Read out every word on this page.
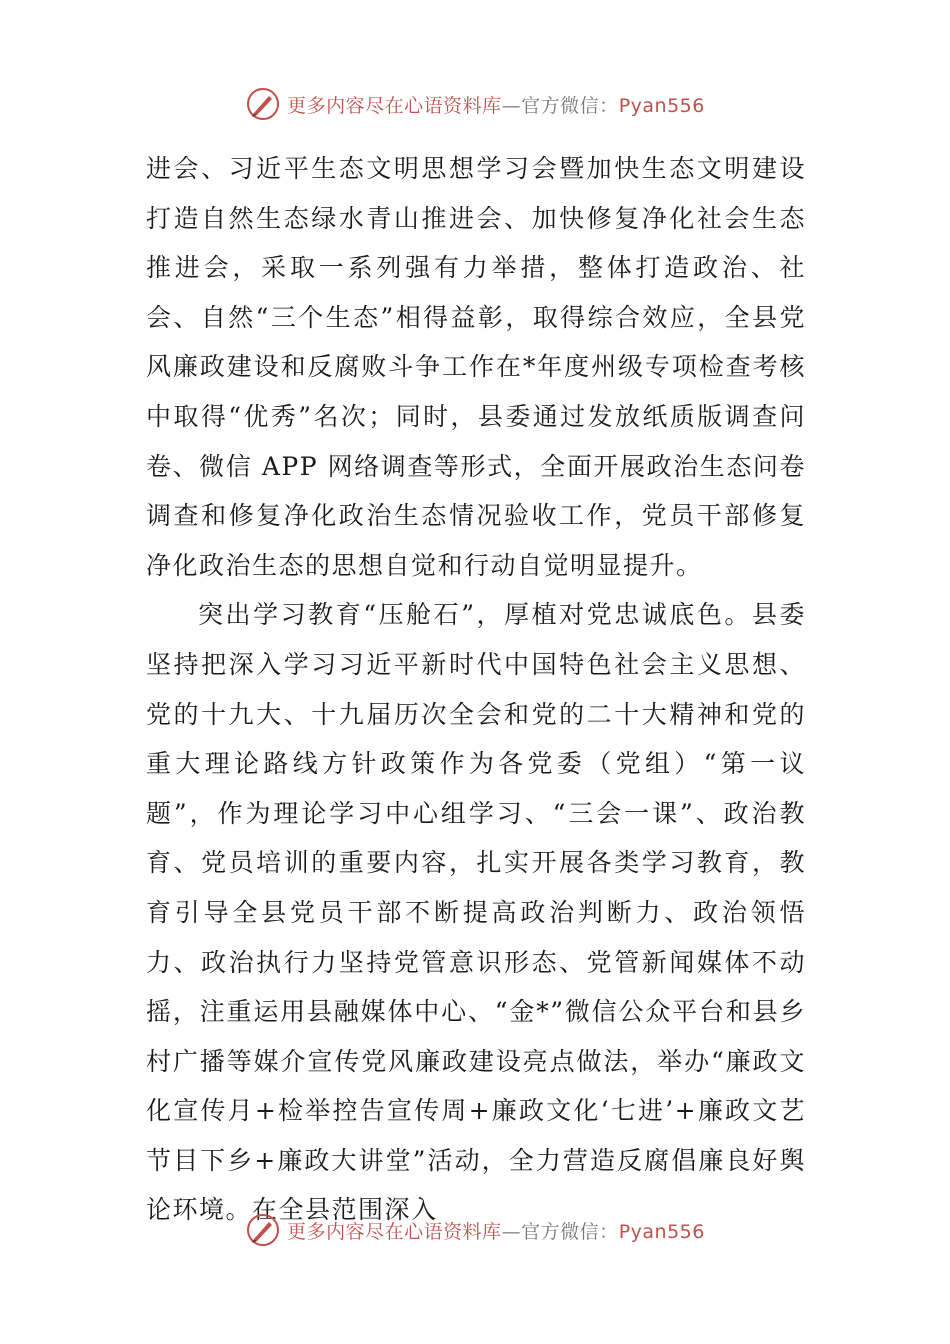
更多内容尽在心语资料库—官方微信：Pyan556

进会、习近平生态文明思想学习会暨加快生态文明建设打造自然生态绿水青山推进会、加快修复净化社会生态推进会，采取一系列强有力举措，整体打造政治、社会、自然“三个生态”相得益彰，取得综合效应，全县党风廉政建设和反腐败斗争工作在*年度州级专项检查考核中取得“优秀”名次；同时，县委通过发放纸质版调查问卷、微信 APP 网络调查等形式，全面开展政治生态问卷调查和修复净化政治生态情况验收工作，党员干部修复净化政治生态的思想自觉和行动自觉明显提升。

突出学习教育“压舱石”，厚植对党忠诚底色。县委坚持把深入学习习近平新时代中国特色社会主义思想、党的十九大、十九届历次全会和党的二十大精神和党的重大理论路线方针政策作为各党委（党组）“第一议题”，作为理论学习中心组学习、“三会一课”、政治教育、党员培训的重要内容，扎实开展各类学习教育，教育引导全县党员干部不断提高政治判断力、政治领悟力、政治执行力坚持党管意识形态、党管新闻媒体不动摇，注重运用县融媒体中心、“金*”微信公众平台和县乡村广播等媒介宣传党风廉政建设亮点做法，举办“廉政文化宣传月+检举控告宣传周+廉政文化‘七进’+廉政文艺节目下乡+廉政大讲堂”活动，全力营造反腐倡廉良好舆论环境。在全县范围深入

更多内容尽在心语资料库—官方微信：Pyan556
